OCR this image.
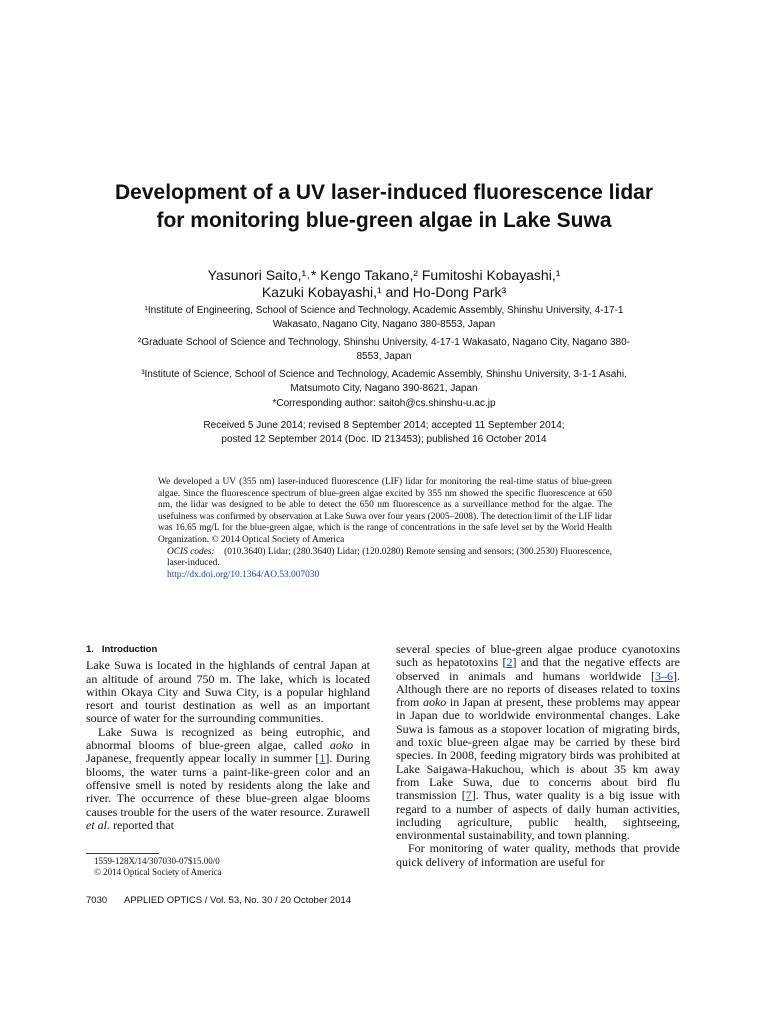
Development of a UV laser-induced fluorescence lidar
for monitoring blue-green algae in Lake Suwa
Yasunori Saito,¹˒* Kengo Takano,² Fumitoshi Kobayashi,¹
Kazuki Kobayashi,¹ and Ho-Dong Park³

¹Institute of Engineering, School of Science and Technology, Academic Assembly, Shinshu University, 4-17-1 Wakasato, Nagano City, Nagano 380-8553, Japan

²Graduate School of Science and Technology, Shinshu University, 4-17-1 Wakasato, Nagano City, Nagano 380-8553, Japan

³Institute of Science, School of Science and Technology, Academic Assembly, Shinshu University, 3-1-1 Asahi, Matsumoto City, Nagano 390-8621, Japan

*Corresponding author: saitoh@cs.shinshu-u.ac.jp

Received 5 June 2014; revised 8 September 2014; accepted 11 September 2014;
posted 12 September 2014 (Doc. ID 213453); published 16 October 2014

We developed a UV (355 nm) laser-induced fluorescence (LIF) lidar for monitoring the real-time status of blue-green algae. Since the fluorescence spectrum of blue-green algae excited by 355 nm showed the specific fluorescence at 650 nm, the lidar was designed to be able to detect the 650 nm fluorescence as a surveillance method for the algae. The usefulness was confirmed by observation at Lake Suwa over four years (2005–2008). The detection limit of the LIF lidar was 16.65 mg/L for the blue-green algae, which is the range of concentrations in the safe level set by the World Health Organization. © 2014 Optical Society of America

OCIS codes: (010.3640) Lidar; (280.3640) Lidar; (120.0280) Remote sensing and sensors; (300.2530) Fluorescence, laser-induced.

http://dx.doi.org/10.1364/AO.53.007030
1.   Introduction

Lake Suwa is located in the highlands of central Japan at an altitude of around 750 m. The lake, which is located within Okaya City and Suwa City, is a popular highland resort and tourist destination as well as an important source of water for the surrounding communities.

Lake Suwa is recognized as being eutrophic, and abnormal blooms of blue-green algae, called aoko in Japanese, frequently appear locally in summer [1]. During blooms, the water turns a paint-like-green color and an offensive smell is noted by residents along the lake and river. The occurrence of these blue-green algae blooms causes trouble for the users of the water resource. Zurawell et al. reported that

several species of blue-green algae produce cyanotoxins such as hepatotoxins [2] and that the negative effects are observed in animals and humans worldwide [3–6]. Although there are no reports of diseases related to toxins from aoko in Japan at present, these problems may appear in Japan due to worldwide environmental changes. Lake Suwa is famous as a stopover location of migrating birds, and toxic blue-green algae may be carried by these bird species. In 2008, feeding migratory birds was prohibited at Lake Saigawa-Hakuchou, which is about 35 km away from Lake Suwa, due to concerns about bird flu transmission [7]. Thus, water quality is a big issue with regard to a number of aspects of daily human activities, including agriculture, public health, sightseeing, environmental sustainability, and town planning.

For monitoring of water quality, methods that provide quick delivery of information are useful for

1559-128X/14/307030-07$15.00/0
© 2014 Optical Society of America
7030 APPLIED OPTICS / Vol. 53, No. 30 / 20 October 2014
